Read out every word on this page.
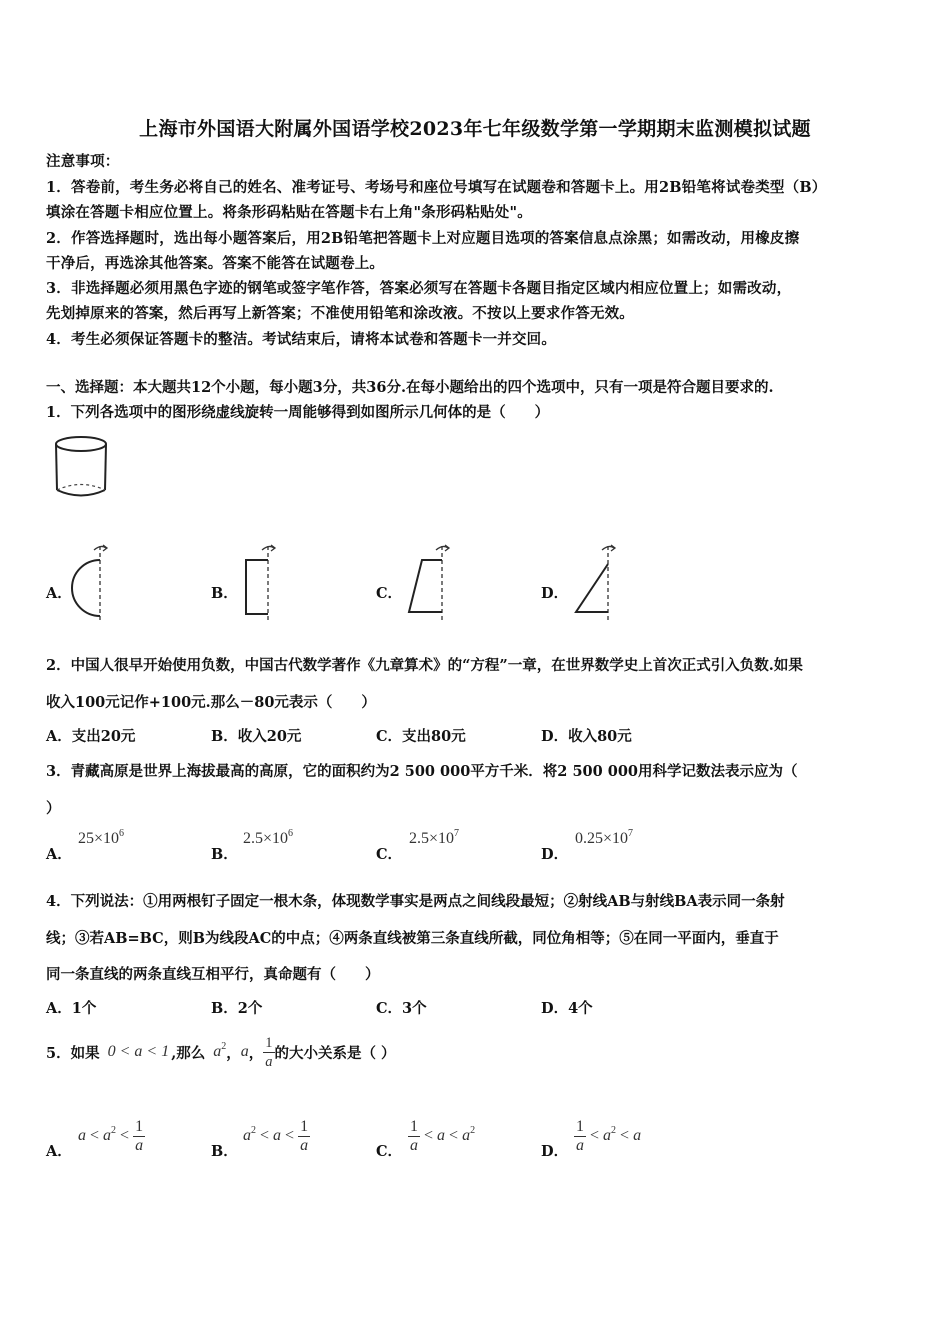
上海市外国语大附属外国语学校2023年七年级数学第一学期期末监测模拟试题
注意事项：
1．答卷前，考生务必将自己的姓名、准考证号、考场号和座位号填写在试题卷和答题卡上。用2B铅笔将试卷类型（B）
填涂在答题卡相应位置上。将条形码粘贴在答题卡右上角"条形码粘贴处"。
2．作答选择题时，选出每小题答案后，用2B铅笔把答题卡上对应题目选项的答案信息点涂黑；如需改动，用橡皮擦
干净后，再选涂其他答案。答案不能答在试题卷上。
3．非选择题必须用黑色字迹的钢笔或签字笔作答，答案必须写在答题卡各题目指定区域内相应位置上；如需改动，
先划掉原来的答案，然后再写上新答案；不准使用铅笔和涂改液。不按以上要求作答无效。
4．考生必须保证答题卡的整洁。考试结束后，请将本试卷和答题卡一并交回。
一、选择题：本大题共12个小题，每小题3分，共36分.在每小题给出的四个选项中，只有一项是符合题目要求的.
1．下列各选项中的图形绕虚线旋转一周能够得到如图所示几何体的是（　　）
A．	B．	C．	D．
2．中国人很早开始使用负数，中国古代数学著作《九章算术》的“方程”一章，在世界数学史上首次正式引入负数.如果
收入100元记作+100元.那么－80元表示（　　）
A．支出20元	B．收入20元	C．支出80元	D．收入80元
3．青藏高原是世界上海拔最高的高原，它的面积约为2 500 000平方千米．将2 500 000用科学记数法表示应为（
）
A．
$25\times 10^6$
B．
$2.5\times 10^6$
C．
$2.5\times 10^7$
D．
$0.25\times 10^7$
4．下列说法：①用两根钉子固定一根木条，体现数学事实是两点之间线段最短；②射线AB与射线BA表示同一条射
线；③若AB=BC，则B为线段AC的中点；④两条直线被第三条直线所截，同位角相等；⑤在同一平面内，垂直于
同一条直线的两条直线互相平行，真命题有（　　）
A．1个	B．2个	C．3个	D．4个
5．如果 0 < a < 1 ,那么 $a^2$ ， a ， $\frac{1}{a}$ 的大小关系是（ ）
A．
$a < a^2 < \frac{1}{a}$	B．
$a^2 < a < \frac{1}{a}$	C． $\frac{1}{a} < a < a^2$
D． $\frac{1}{a} < a^2 < a$
